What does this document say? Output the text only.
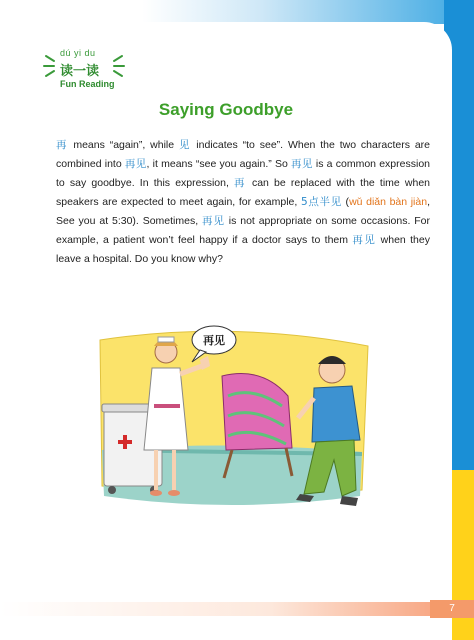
dú yi du
读一读
Fun Reading
Saying Goodbye
再 means “again”, while 见 indicates “to see”. When the two characters are combined into 再见, it means “see you again.” So 再见 is a common expression to say goodbye. In this expression, 再 can be replaced with the time when speakers are expected to meet again, for example, 5点半见 (wǔ diǎn bàn jiàn, See you at 5:30). Sometimes, 再见 is not appropriate on some occasions. For example, a patient won’t feel happy if a doctor says to them 再见 when they leave a hospital. Do you know why?
再见
7
